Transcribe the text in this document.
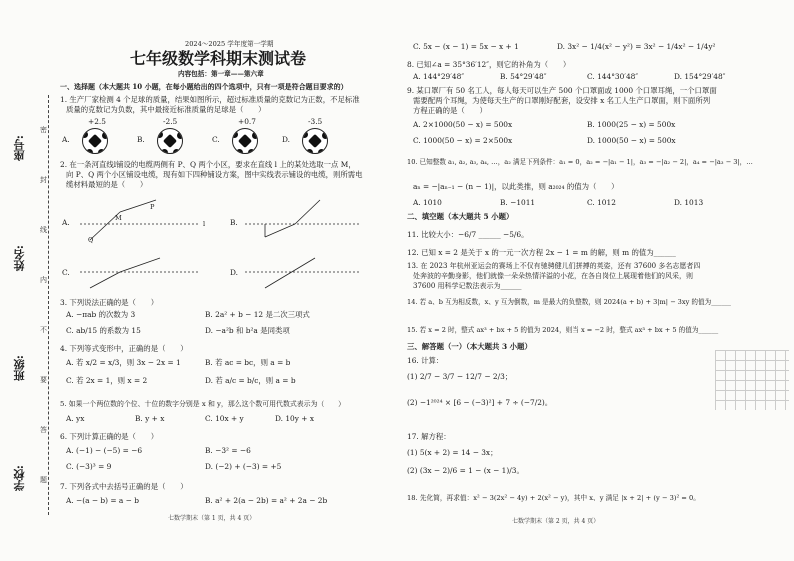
座号:
姓名:
班级:
学校:
密
封
线
内
不
要
答
题
2024～2025 学年度第一学期
七年级数学科期末测试卷
内容包括：第一章——第六章
一、选择题（本大题共 10 小题，在每小题给出的四个选项中，只有一项是符合题目要求的）
1. 生产厂家检测 4 个足球的质量，结果如图所示，超过标准质量的克数记为正数，不足标准
质量的克数记为负数，其中最接近标准质量的足球是（　　）
+2.5	-2.5	+0.7	-3.5
A.	B.	C.	D.
2. 在一条河直线l铺设的电缆两侧有 P、Q 两个小区，要求在直线 l 上的某处选取一点 M，
向 P、Q 两个小区铺设电缆，现有如下四种铺设方案，图中实线表示铺设的电缆，则所需电
缆材料最短的是（　　）
A.	B.
C.	D.
P
M
l
Q
3. 下列说法正确的是（　　）
A. −πab 的次数为 3	B. 2a² + b − 12 是二次三项式
C. ab/15 的系数为 15	D. −a²b 和 b²a 是同类项
4. 下列等式变形中，正确的是（　　）
A. 若 x/2 = x/3，则 3x − 2x = 1	B. 若 ac = bc，则 a = b
C. 若 2x = 1，则 x = 2	D. 若 a/c = b/c，则 a = b
5. 如果一个两位数的个位、十位的数字分别是 x 和 y，那么这个数可用代数式表示为（　　）
A. yx	B. y + x	C. 10x + y	D. 10y + x
6. 下列计算正确的是（　　）
A. (−1) − (−5) = −6	B. −3² = −6
C. (−3)³ = 9	D. (−2) + (−3) = +5
7. 下列各式中去括号正确的是（　　）
A. −(a − b) = a − b	B. a² + 2(a − 2b) = a² + 2a − 2b
七数学期末（第 1 页，共 4 页）
C. 5x − (x − 1) = 5x − x + 1	D. 3x² − 1/4(x² − y²) = 3x² − 1/4x² − 1/4y²
8. 已知∠a = 35°36′12″，则它的补角为（　　）
A. 144°29′48″	B. 54°29′48″	C. 144°30′48″	D. 154°29′48″
9. 某口罩厂有 50 名工人，每人每天可以生产 500 个口罩面或 1000 个口罩耳绳，一个口罩面
需要配两个耳绳，为使每天生产的口罩刚好配套，设安排 x 名工人生产口罩面，则下面所列
方程正确的是（　　）
A. 2×1000(50 − x) = 500x	B. 1000(25 − x) = 500x
C. 1000(50 − x) = 2×500x	D. 1000(50 − x) = 500x
10. 已知整数 a₁, a₂, a₃, a₄, …，a₂ 满足下列条件：a₁ = 0，a₂ = −|a₁ − 1|，a₃ = −|a₂ − 2|，a₄ = −|a₃ − 3|，…
aₙ = −|aₙ₋₁ − (n − 1)|，以此类推，则 a₂₀₂₄ 的值为（　　）
A. 1010	B. −1011	C. 1012	D. 1013
二、填空题（本大题共 5 小题）
11. 比较大小：−6/7 ______ −5/6。
12. 已知 x = 2 是关于 x 的一元一次方程 2x − 1 = m 的解，则 m 的值为______
13. 在 2023 年杭州亚运会的赛场上不仅有驰骋健儿们拼搏的英姿，还有 37600 多名志愿者四
处奔波的辛勤身影，他们就像一朵朵热情洋溢的小花，在各自岗位上展现着他们的风采，则
37600 用科学记数法表示为______
14. 若 a、b 互为相反数，x、y 互为倒数，m 是最大的负整数，则 2024(a + b) + 3|m| − 3xy 的值为______
15. 若 x = 2 时，整式 ax³ + bx + 5 的值为 2024，则当 x = −2 时，整式 ax³ + bx + 5 的值为______
三、解答题（一）（本大题共 3 小题）
16. 计算：
(1) 2/7 − 3/7 − 12/7 − 2/3；
(2) −1²⁰²⁴ × [6 − (−3)²] + 7 ÷ (−7/2)。
17. 解方程：
(1) 5(x + 2) = 14 − 3x；
(2) (3x − 2)/6 = 1 − (x − 1)/3。
18. 先化简，再求值：x² − 3(2x² − 4y) + 2(x² − y)，其中 x、y 满足 |x + 2| + (y − 3)² = 0。
七数学期末（第 2 页，共 4 页）
